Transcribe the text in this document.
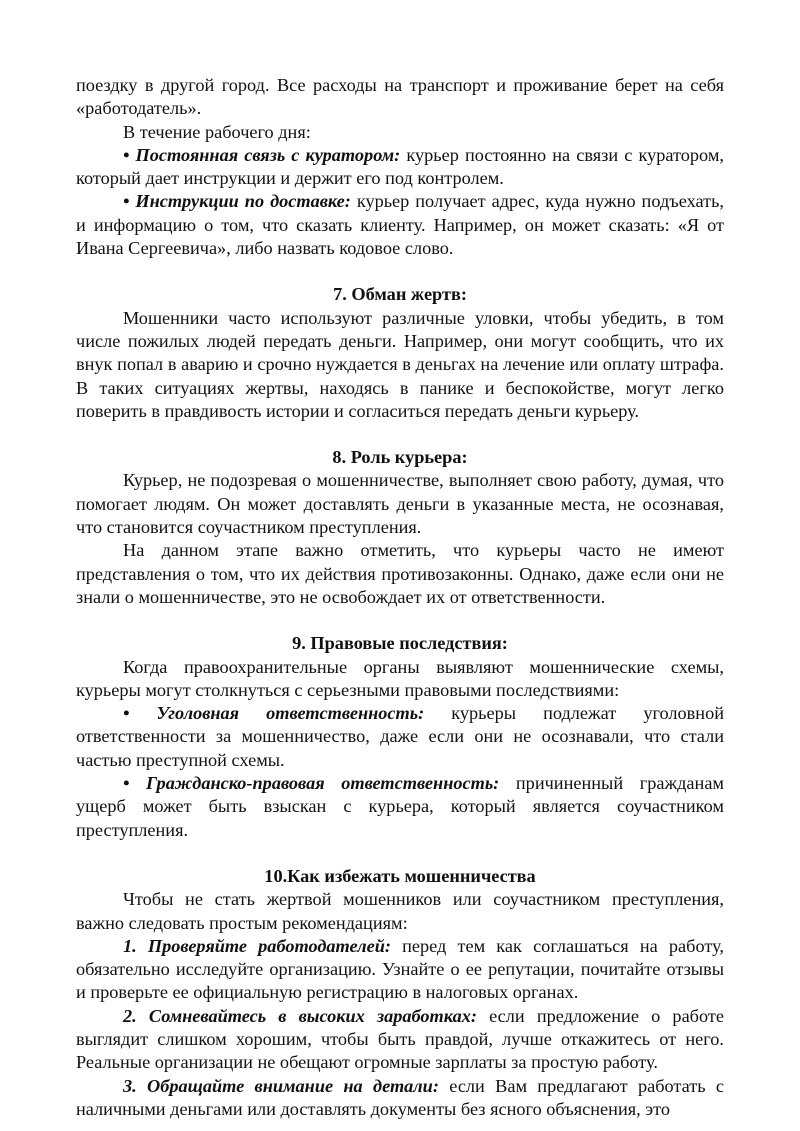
поездку в другой город. Все расходы на транспорт и проживание берет на себя «работодатель».

В течение рабочего дня:

• Постоянная связь с куратором: курьер постоянно на связи с куратором, который дает инструкции и держит его под контролем.

• Инструкции по доставке: курьер получает адрес, куда нужно подъехать, и информацию о том, что сказать клиенту. Например, он может сказать: «Я от Ивана Сергеевича», либо назвать кодовое слово.

7. Обман жертв:

Мошенники часто используют различные уловки, чтобы убедить, в том числе пожилых людей передать деньги. Например, они могут сообщить, что их внук попал в аварию и срочно нуждается в деньгах на лечение или оплату штрафа. В таких ситуациях жертвы, находясь в панике и беспокойстве, могут легко поверить в правдивость истории и согласиться передать деньги курьеру.

8. Роль курьера:

Курьер, не подозревая о мошенничестве, выполняет свою работу, думая, что помогает людям. Он может доставлять деньги в указанные места, не осознавая, что становится соучастником преступления.

На данном этапе важно отметить, что курьеры часто не имеют представления о том, что их действия противозаконны. Однако, даже если они не знали о мошенничестве, это не освобождает их от ответственности.

9. Правовые последствия:

Когда правоохранительные органы выявляют мошеннические схемы, курьеры могут столкнуться с серьезными правовыми последствиями:

• Уголовная ответственность: курьеры подлежат уголовной ответственности за мошенничество, даже если они не осознавали, что стали частью преступной схемы.

• Гражданско-правовая ответственность: причиненный гражданам ущерб может быть взыскан с курьера, который является соучастником преступления.

10.Как избежать мошенничества

Чтобы не стать жертвой мошенников или соучастником преступления, важно следовать простым рекомендациям:

1. Проверяйте работодателей: перед тем как соглашаться на работу, обязательно исследуйте организацию. Узнайте о ее репутации, почитайте отзывы и проверьте ее официальную регистрацию в налоговых органах.

2. Сомневайтесь в высоких заработках: если предложение о работе выглядит слишком хорошим, чтобы быть правдой, лучше откажитесь от него. Реальные организации не обещают огромные зарплаты за простую работу.

3. Обращайте внимание на детали: если Вам предлагают работать с наличными деньгами или доставлять документы без ясного объяснения, это
